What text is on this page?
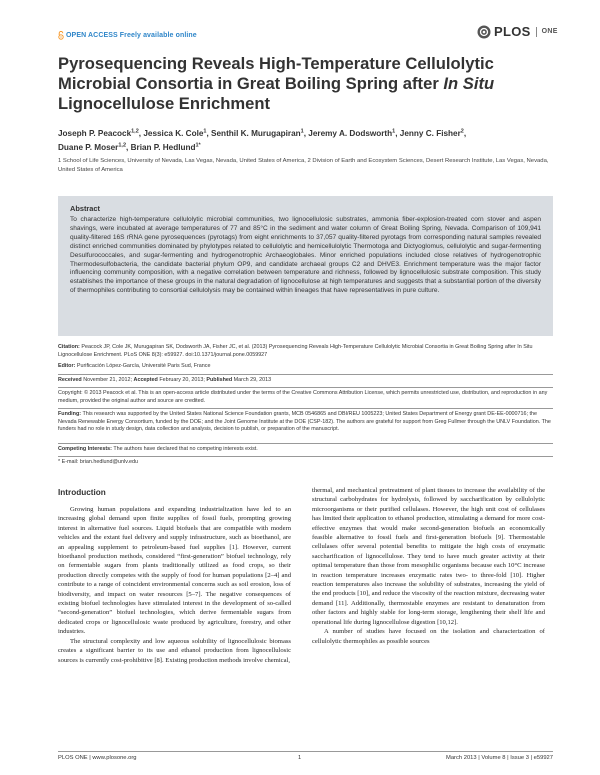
OPEN ACCESS Freely available online	PLOS ONE
Pyrosequencing Reveals High-Temperature Cellulolytic Microbial Consortia in Great Boiling Spring after In Situ Lignocellulose Enrichment
Joseph P. Peacock$^{1,2}$, Jessica K. Cole$^1$, Senthil K. Murugapiran$^1$, Jeremy A. Dodsworth$^1$, Jenny C. Fisher$^2$,
Duane P. Moser$^{1,2}$, Brian P. Hedlund$^{1*}$
1 School of Life Sciences, University of Nevada, Las Vegas, Nevada, United States of America, 2 Division of Earth and Ecosystem Sciences, Desert Research Institute, Las Vegas, Nevada, United States of America
Abstract

To characterize high-temperature cellulolytic microbial communities, two lignocellulosic substrates, ammonia fiber-explosion-treated corn stover and aspen shavings, were incubated at average temperatures of 77 and 85°C in the sediment and water column of Great Boiling Spring, Nevada. Comparison of 109,941 quality-filtered 16S rRNA gene pyrosequences (pyrotags) from eight enrichments to 37,057 quality-filtered pyrotags from corresponding natural samples revealed distinct enriched communities dominated by phylotypes related to cellulolytic and hemicellulolytic Thermotoga and Dictyoglomus, cellulolytic and sugar-fermenting Desulfurococcales, and sugar-fermenting and hydrogenotrophic Archaeoglobales. Minor enriched populations included close relatives of hydrogenotrophic Thermodesulfobacteria, the candidate bacterial phylum OP9, and candidate archaeal groups C2 and DHVE3. Enrichment temperature was the major factor influencing community composition, with a negative correlation between temperature and richness, followed by lignocellulosic substrate composition. This study establishes the importance of these groups in the natural degradation of lignocellulose at high temperatures and suggests that a substantial portion of the diversity of thermophiles contributing to consortial cellulolysis may be contained within lineages that have representatives in pure culture.

Citation: Peacock JP, Cole JK, Murugapiran SK, Dodsworth JA, Fisher JC, et al. (2013) Pyrosequencing Reveals High-Temperature Cellulolytic Microbial Consortia in Great Boiling Spring after In Situ Lignocellulose Enrichment. PLoS ONE 8(3): e59927. doi:10.1371/journal.pone.0059927
Editor: Purificación López-García, Université Paris Sud, France
Received November 21, 2012; Accepted February 20, 2013; Published March 29, 2013
Copyright: © 2013 Peacock et al. This is an open-access article distributed under the terms of the Creative Commons Attribution License, which permits unrestricted use, distribution, and reproduction in any medium, provided the original author and source are credited.
Funding: This research was supported by the United States National Science Foundation grants, MCB 0546865 and DBI/REU 1005223; United States Department of Energy grant DE-EE-0000716; the Nevada Renewable Energy Consortium, funded by the DOE; and the Joint Genome Institute at the DOE (CSP-182). The authors are grateful for support from Greg Fullmer through the UNLV Foundation. The funders had no role in study design, data collection and analysis, decision to publish, or preparation of the manuscript.
Competing Interests: The authors have declared that no competing interests exist.
* E-mail: brian.hedlund@unlv.edu
Introduction

Growing human populations and expanding industrialization have led to an increasing global demand upon finite supplies of fossil fuels, prompting growing interest in alternative fuel sources. Liquid biofuels that are compatible with modern vehicles and the extant fuel delivery and supply infrastructure, such as bioethanol, are an appealing supplement to petroleum-based fuel supplies [1]. However, current bioethanol production methods, considered “first-generation” biofuel technology, rely on fermentable sugars from plants traditionally utilized as food crops, so their production directly competes with the supply of food for human populations [2–4] and contribute to a range of coincident environmental concerns such as soil erosion, loss of biodiversity, and impact on water resources [5–7]. The negative consequences of existing biofuel technologies have stimulated interest in the development of so-called “second-generation” biofuel technologies, which derive fermentable sugars from dedicated crops or lignocellulosic waste produced by agriculture, forestry, and other industries.

The structural complexity and low aqueous solubility of lignocellulosic biomass creates a significant barrier to its use and ethanol production from lignocellulosic sources is currently cost-prohibitive [8]. Existing production methods involve chemical,

thermal, and mechanical pretreatment of plant tissues to increase the availability of the structural carbohydrates for hydrolysis, followed by saccharification by cellulolytic microorganisms or their purified cellulases. However, the high unit cost of cellulases has limited their application to ethanol production, stimulating a demand for more cost-effective enzymes that would make second-generation biofuels an economically feasible alternative to fossil fuels and first-generation biofuels [9]. Thermostable cellulases offer several potential benefits to mitigate the high costs of enzymatic saccharification of lignocellulose. They tend to have much greater activity at their optimal temperature than those from mesophilic organisms because each 10°C increase in reaction temperature increases enzymatic rates two- to three-fold [10]. Higher reaction temperatures also increase the solubility of substrates, increasing the yield of the end products [10], and reduce the viscosity of the reaction mixture, decreasing water demand [11]. Additionally, thermostable enzymes are resistant to denaturation from other factors and highly stable for long-term storage, lengthening their shelf life and operational life during lignocellulose digestion [10,12].

A number of studies have focused on the isolation and characterization of cellulolytic thermophiles as possible sources

PLOS ONE | www.plosone.org	1	March 2013 | Volume 8 | Issue 3 | e59927
